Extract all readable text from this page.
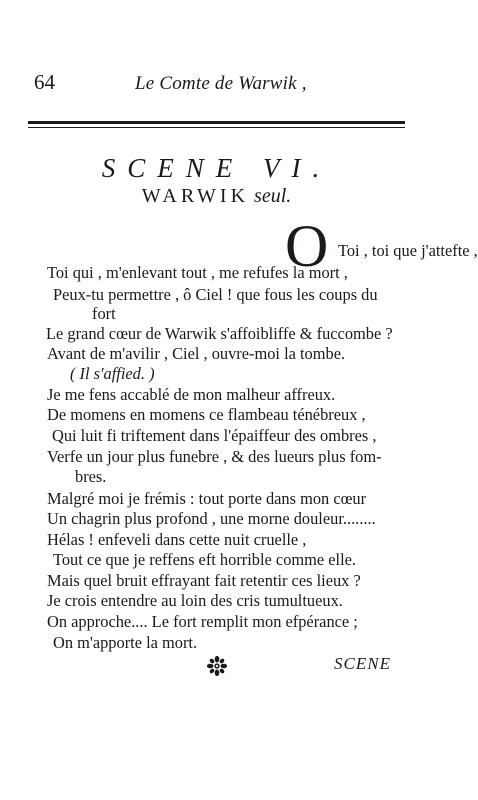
64	Le Comte de Warwik ,
SCENE VI.
WARWIK seul.
O Toi , toi que j'attefte ,
Toi qui , m'enlevant tout , me refufes la mort ,
Peux-tu permettre , ô Ciel ! que fous les coups du
fort
Le grand cœur de Warwik s'affoibliffe & fuccombe ?
Avant de m'avilir , Ciel , ouvre-moi la tombe.
( Il s'affied. )
Je me fens accablé de mon malheur affreux.
De momens en momens ce flambeau ténébreux ,
Qui luit fi triftement dans l'épaiffeur des ombres ,
Verfe un jour plus funebre , & des lueurs plus fom-
bres.
Malgré moi je frémis : tout porte dans mon cœur
Un chagrin plus profond , une morne douleur........
Hélas ! enfeveli dans cette nuit cruelle ,
Tout ce que je reffens eft horrible comme elle.
Mais quel bruit effrayant fait retentir ces lieux ?
Je crois entendre au loin des cris tumultueux.
On approche.... Le fort remplit mon efpérance ;
On m'apporte la mort.
SCENE
